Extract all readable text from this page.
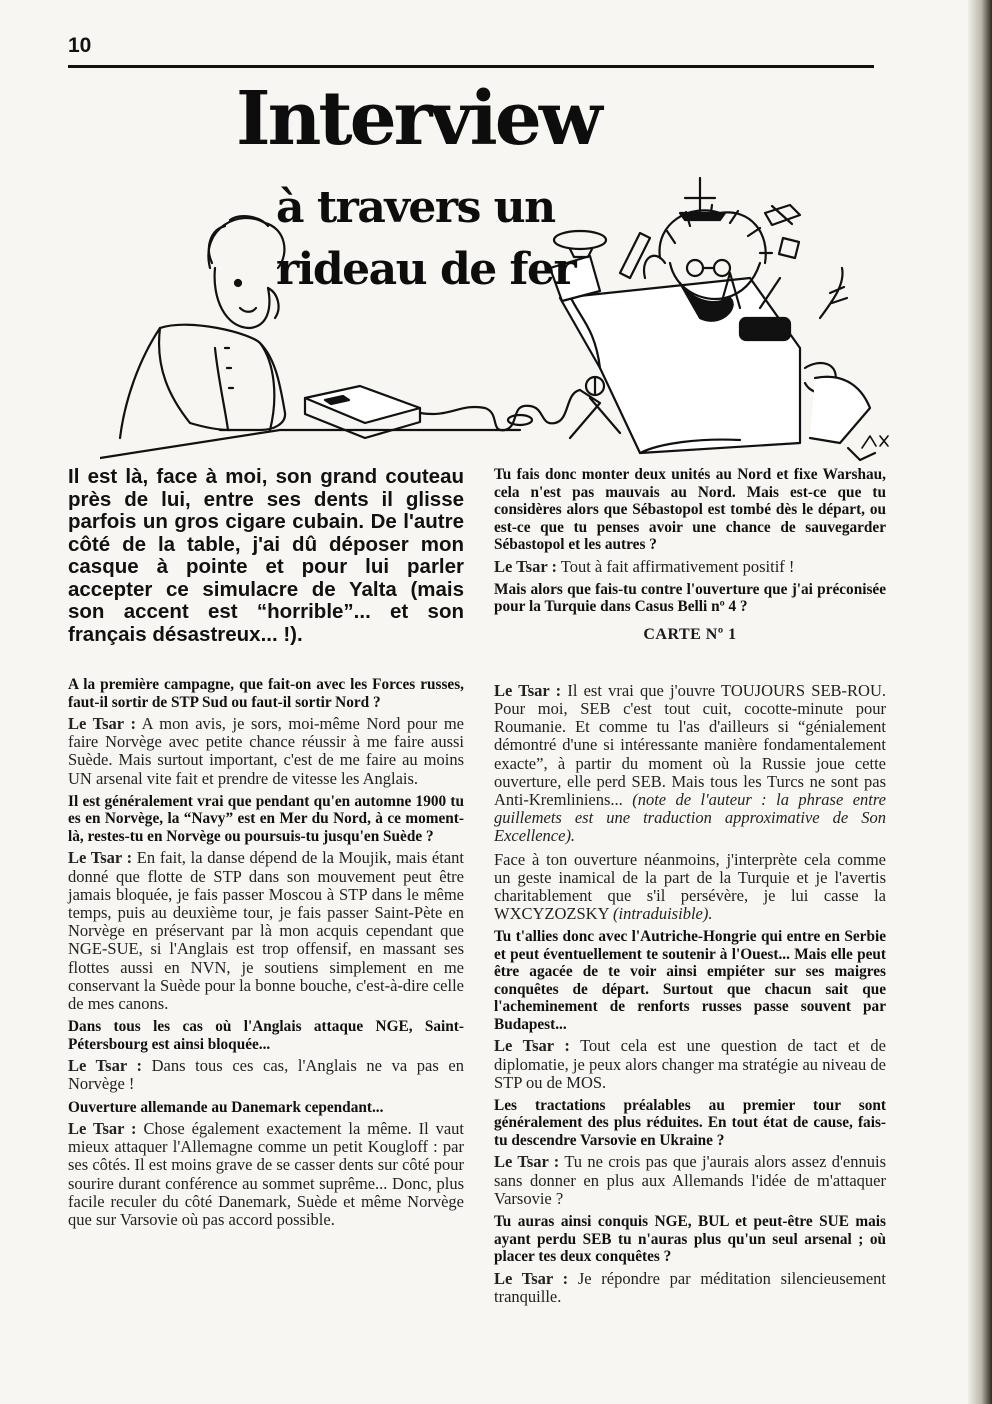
10
Interview
à travers un
rideau de fer

Il est là, face à moi, son grand couteau près de lui, entre ses dents il glisse parfois un gros cigare cubain. De l'autre côté de la table, j'ai dû déposer mon casque à pointe et pour lui parler accepter ce simulacre de Yalta (mais son accent est “horrible”... et son français désastreux... !).

A la première campagne, que fait-on avec les Forces russes, faut-il sortir de STP Sud ou faut-il sortir Nord ?

Le Tsar : A mon avis, je sors, moi-même Nord pour me faire Norvège avec petite chance réussir à me faire aussi Suède. Mais surtout important, c'est de me faire au moins UN arsenal vite fait et prendre de vitesse les Anglais.

Il est généralement vrai que pendant qu'en automne 1900 tu es en Norvège, la “Navy” est en Mer du Nord, à ce moment-là, restes-tu en Norvège ou poursuis-tu jusqu'en Suède ?

Le Tsar : En fait, la danse dépend de la Moujik, mais étant donné que flotte de STP dans son mouvement peut être jamais bloquée, je fais passer Moscou à STP dans le même temps, puis au deuxième tour, je fais passer Saint-Pète en Norvège en préservant par là mon acquis cependant que NGE-SUE, si l'Anglais est trop offensif, en massant ses flottes aussi en NVN, je soutiens simplement en me conservant la Suède pour la bonne bouche, c'est-à-dire celle de mes canons.

Dans tous les cas où l'Anglais attaque NGE, Saint-Pétersbourg est ainsi bloquée...

Le Tsar : Dans tous ces cas, l'Anglais ne va pas en Norvège !

Ouverture allemande au Danemark cependant...

Le Tsar : Chose également exactement la même. Il vaut mieux attaquer l'Allemagne comme un petit Kougloff : par ses côtés. Il est moins grave de se casser dents sur côté pour sourire durant conférence au sommet suprême... Donc, plus facile reculer du côté Danemark, Suède et même Norvège que sur Varsovie où pas accord possible.

Tu fais donc monter deux unités au Nord et fixe Warshau, cela n'est pas mauvais au Nord. Mais est-ce que tu considères alors que Sébastopol est tombé dès le départ, ou est-ce que tu penses avoir une chance de sauvegarder Sébastopol et les autres ?

Le Tsar : Tout à fait affirmativement positif !

Mais alors que fais-tu contre l'ouverture que j'ai préconisée pour la Turquie dans Casus Belli nº 4 ?

CARTE Nº 1

Le Tsar : Il est vrai que j'ouvre TOUJOURS SEB-ROU. Pour moi, SEB c'est tout cuit, cocotte-minute pour Roumanie. Et comme tu l'as d'ailleurs si “génialement démontré d'une si intéressante manière fondamentalement exacte”, à partir du moment où la Russie joue cette ouverture, elle perd SEB. Mais tous les Turcs ne sont pas Anti-Kremliniens... (note de l'auteur : la phrase entre guillemets est une traduction approximative de Son Excellence).

Face à ton ouverture néanmoins, j'interprète cela comme un geste inamical de la part de la Turquie et je l'avertis charitablement que s'il persévère, je lui casse la WXCYZOZSKY (intraduisible).

Tu t'allies donc avec l'Autriche-Hongrie qui entre en Serbie et peut éventuellement te soutenir à l'Ouest... Mais elle peut être agacée de te voir ainsi empiéter sur ses maigres conquêtes de départ. Surtout que chacun sait que l'acheminement de renforts russes passe souvent par Budapest...

Le Tsar : Tout cela est une question de tact et de diplomatie, je peux alors changer ma stratégie au niveau de STP ou de MOS.

Les tractations préalables au premier tour sont généralement des plus réduites. En tout état de cause, fais-tu descendre Varsovie en Ukraine ?

Le Tsar : Tu ne crois pas que j'aurais alors assez d'ennuis sans donner en plus aux Allemands l'idée de m'attaquer Varsovie ?

Tu auras ainsi conquis NGE, BUL et peut-être SUE mais ayant perdu SEB tu n'auras plus qu'un seul arsenal ; où placer tes deux conquêtes ?

Le Tsar : Je répondre par méditation silencieusement tranquille.
